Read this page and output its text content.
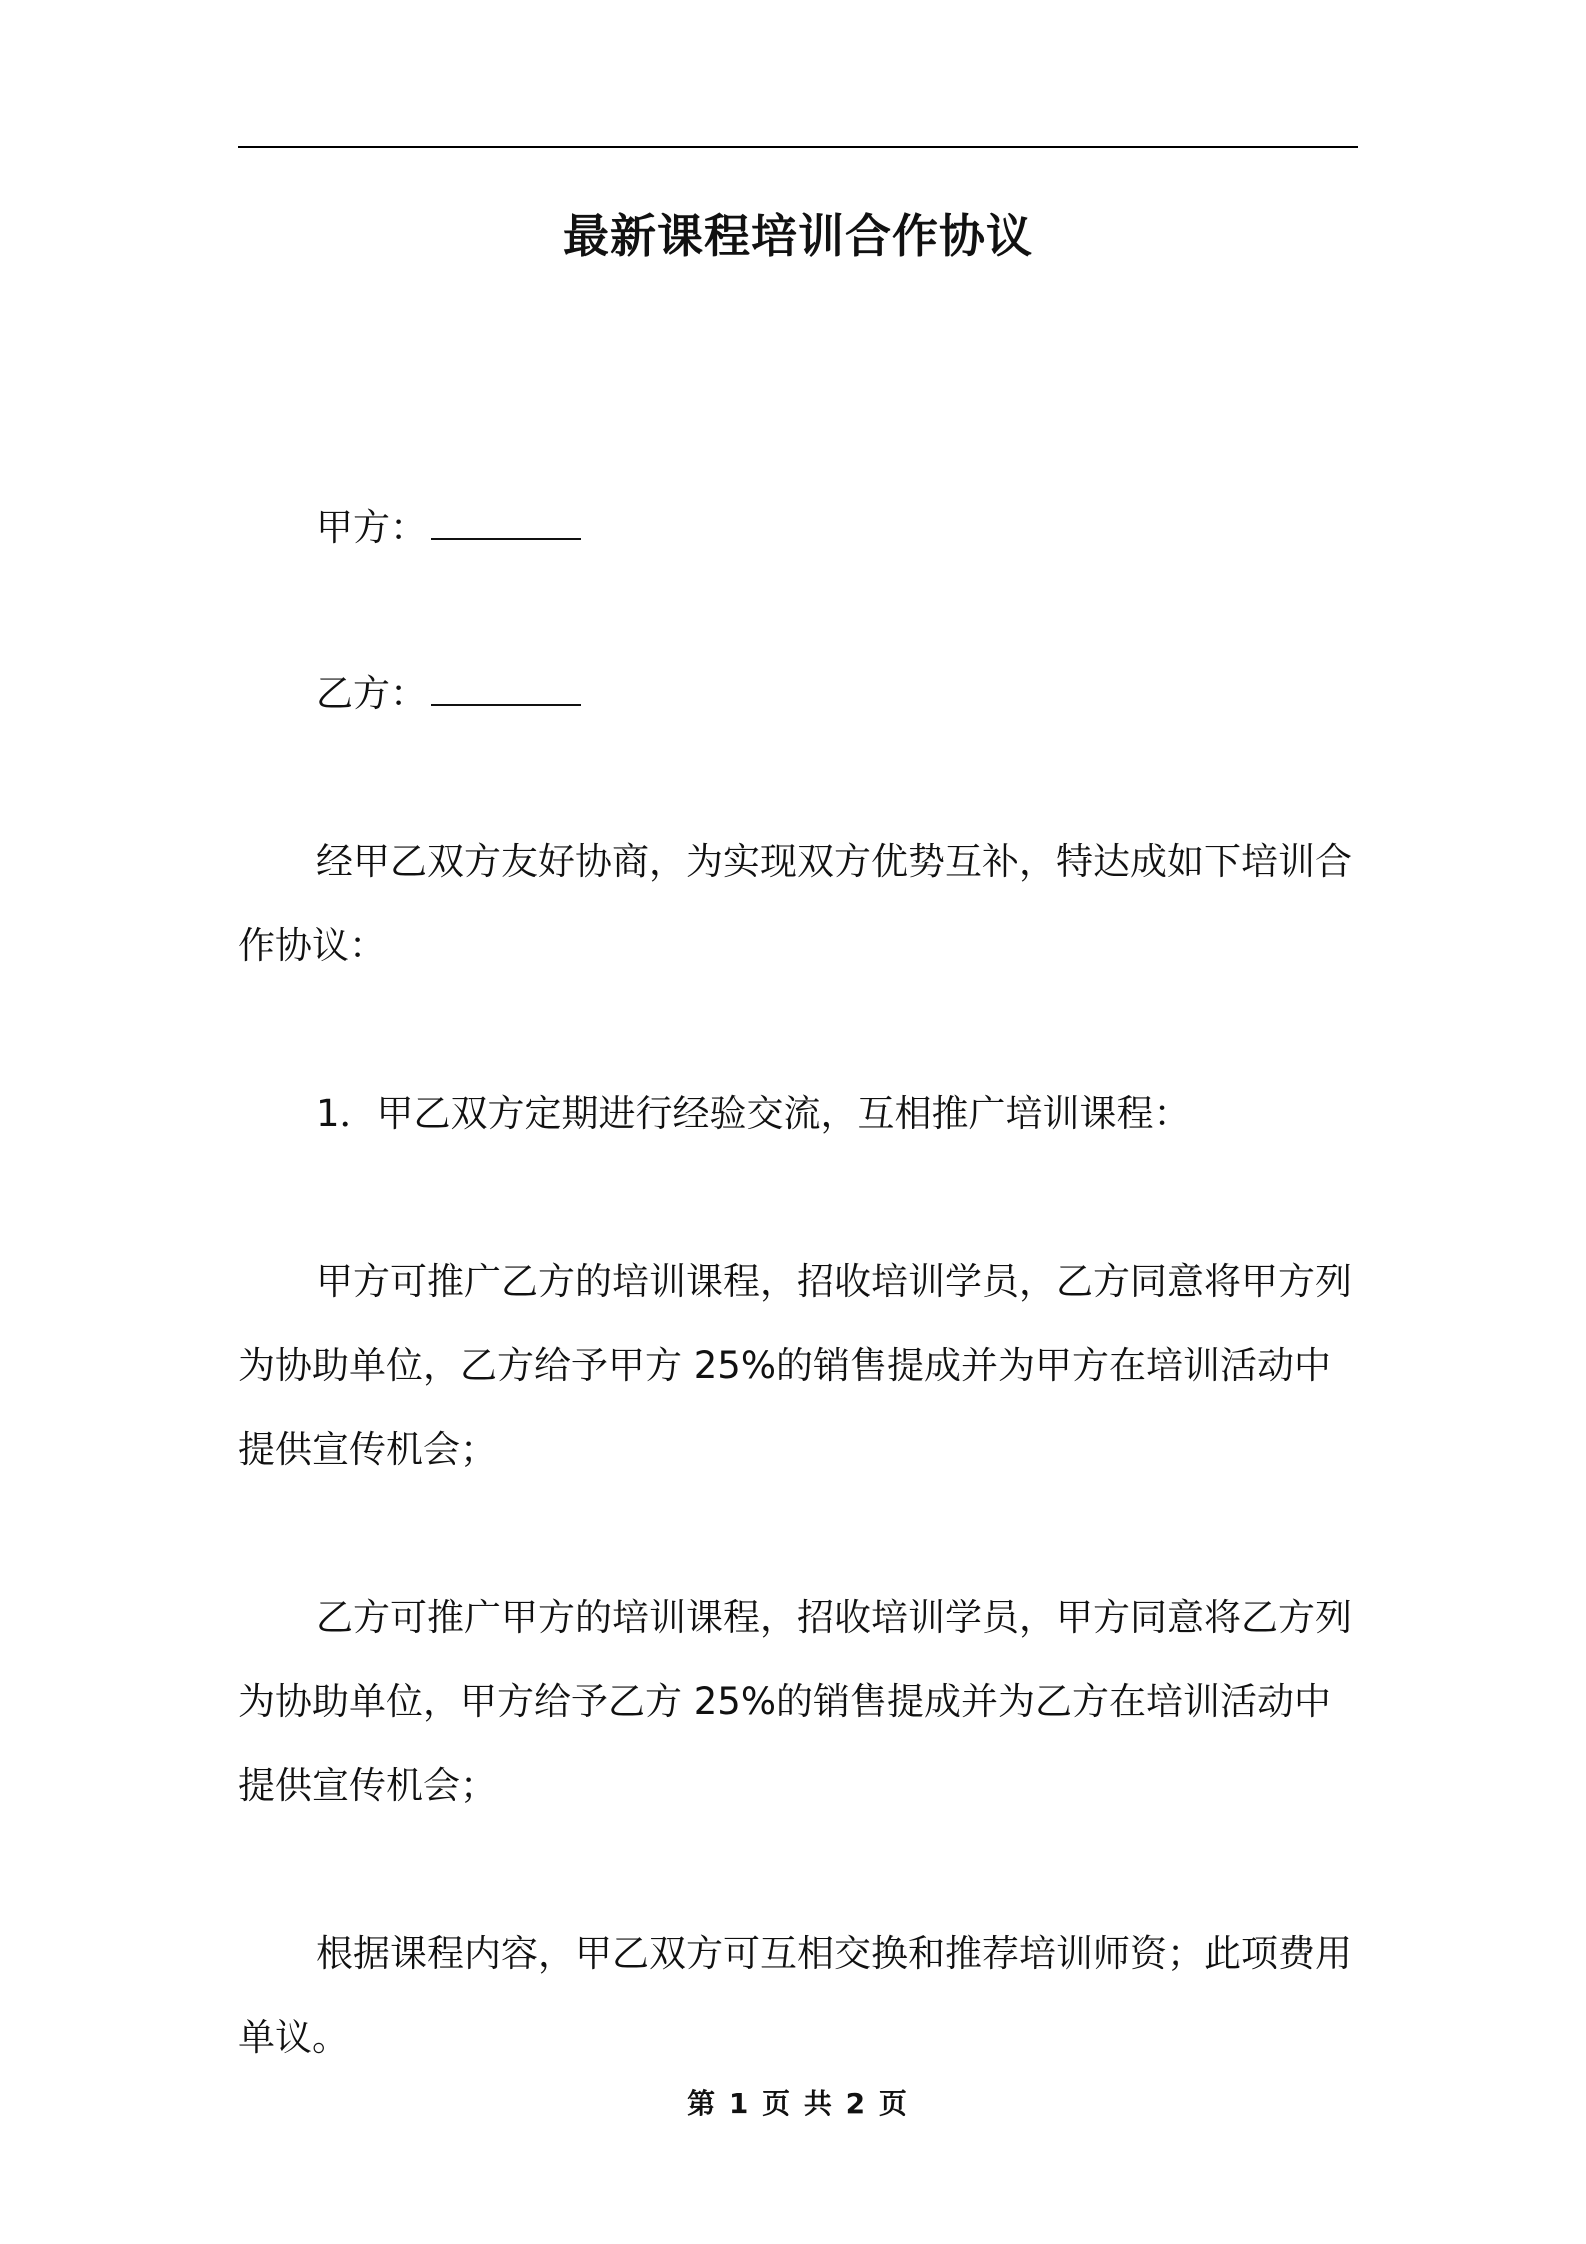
最新课程培训合作协议
甲方：
乙方：

经甲乙双方友好协商，为实现双方优势互补，特达成如下培训合作协议：

1．甲乙双方定期进行经验交流，互相推广培训课程：

甲方可推广乙方的培训课程，招收培训学员，乙方同意将甲方列为协助单位，乙方给予甲方 25%的销售提成并为甲方在培训活动中提供宣传机会；

乙方可推广甲方的培训课程，招收培训学员，甲方同意将乙方列为协助单位，甲方给予乙方 25%的销售提成并为乙方在培训活动中提供宣传机会；

根据课程内容，甲乙双方可互相交换和推荐培训师资；此项费用单议。

第 1 页 共 2 页
